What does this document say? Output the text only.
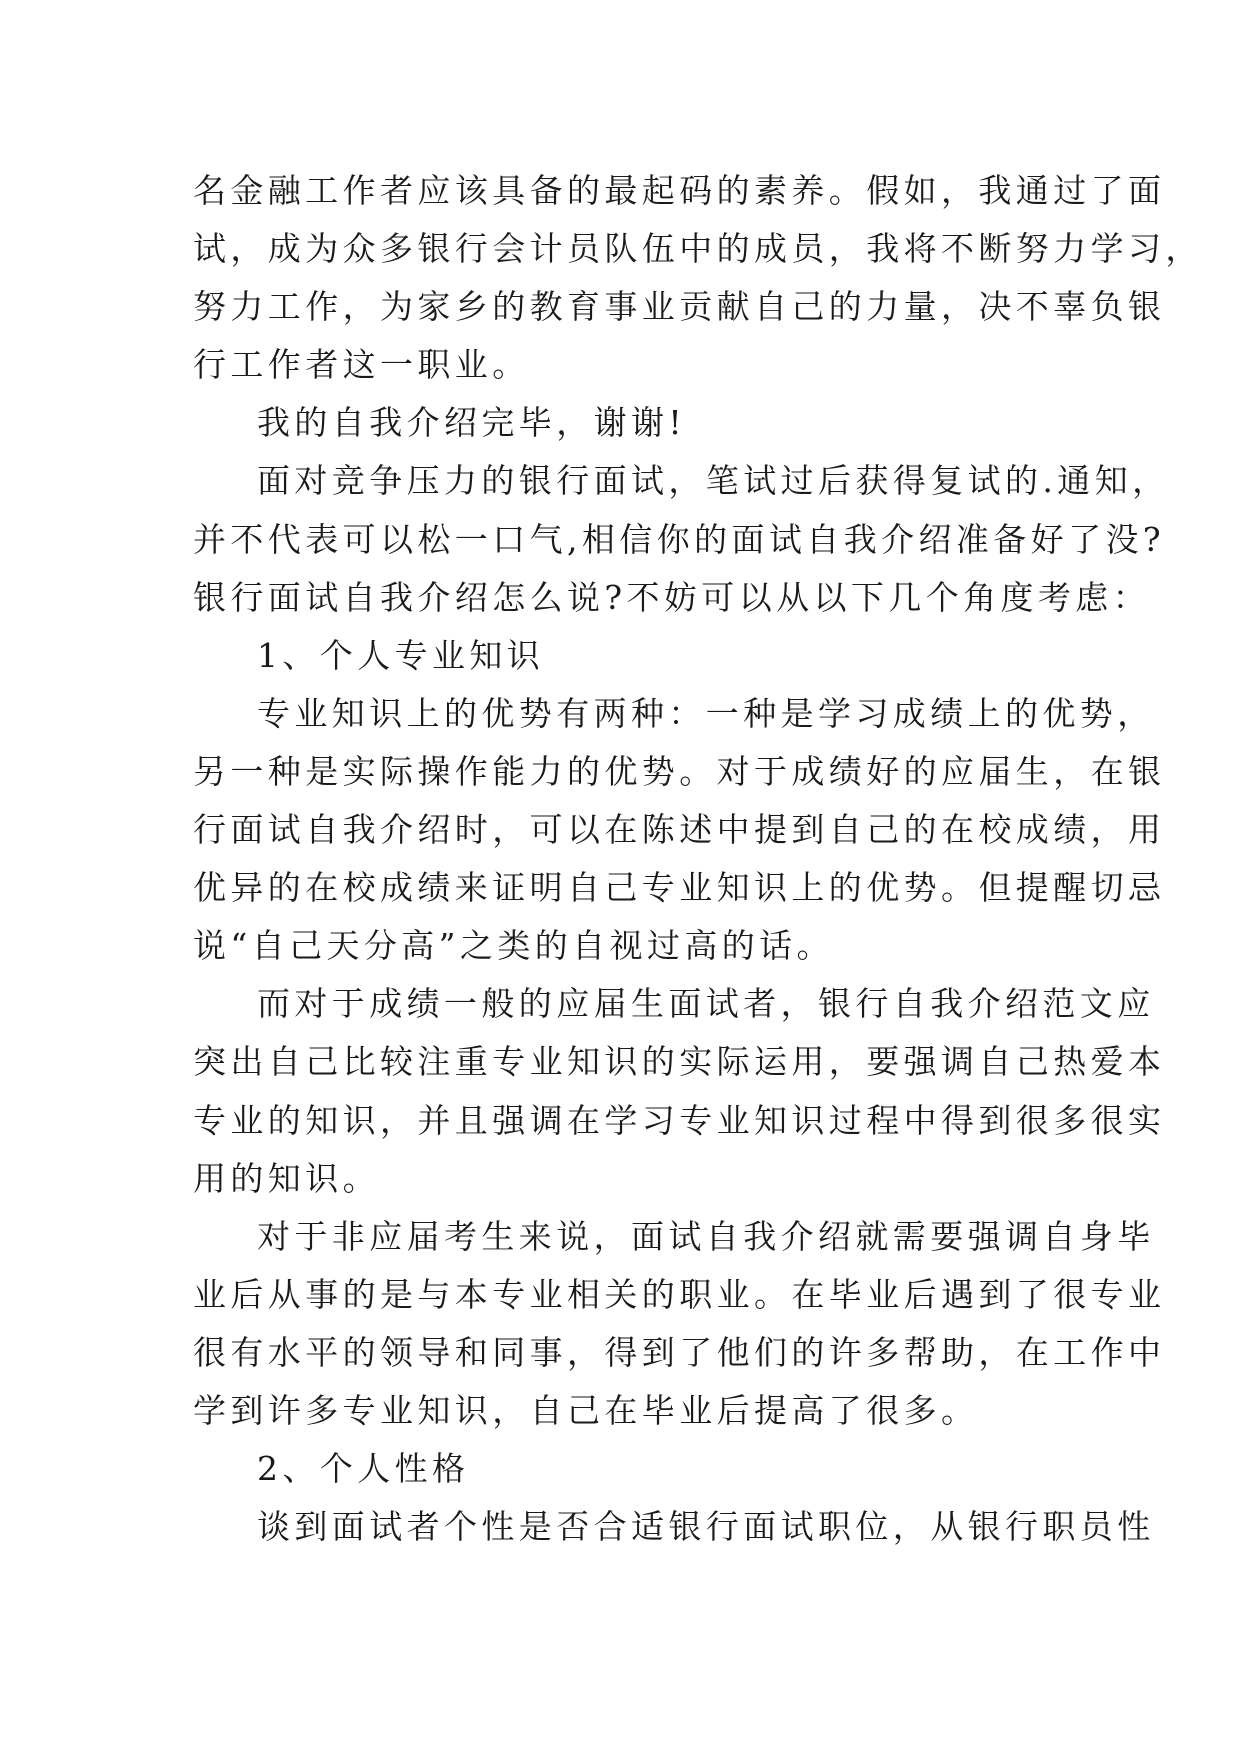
名金融工作者应该具备的最起码的素养。假如，我通过了面
试，成为众多银行会计员队伍中的成员，我将不断努力学习，
努力工作，为家乡的教育事业贡献自己的力量，决不辜负银
行工作者这一职业。
我的自我介绍完毕，谢谢!
面对竞争压力的银行面试，笔试过后获得复试的.通知，
并不代表可以松一口气,相信你的面试自我介绍准备好了没?
银行面试自我介绍怎么说?不妨可以从以下几个角度考虑：
1、个人专业知识
专业知识上的优势有两种：一种是学习成绩上的优势，
另一种是实际操作能力的优势。对于成绩好的应届生，在银
行面试自我介绍时，可以在陈述中提到自己的在校成绩，用
优异的在校成绩来证明自己专业知识上的优势。但提醒切忌
说“自己天分高”之类的自视过高的话。
而对于成绩一般的应届生面试者，银行自我介绍范文应
突出自己比较注重专业知识的实际运用，要强调自己热爱本
专业的知识，并且强调在学习专业知识过程中得到很多很实
用的知识。
对于非应届考生来说，面试自我介绍就需要强调自身毕
业后从事的是与本专业相关的职业。在毕业后遇到了很专业
很有水平的领导和同事，得到了他们的许多帮助，在工作中
学到许多专业知识，自己在毕业后提高了很多。
2、个人性格
谈到面试者个性是否合适银行面试职位，从银行职员性
